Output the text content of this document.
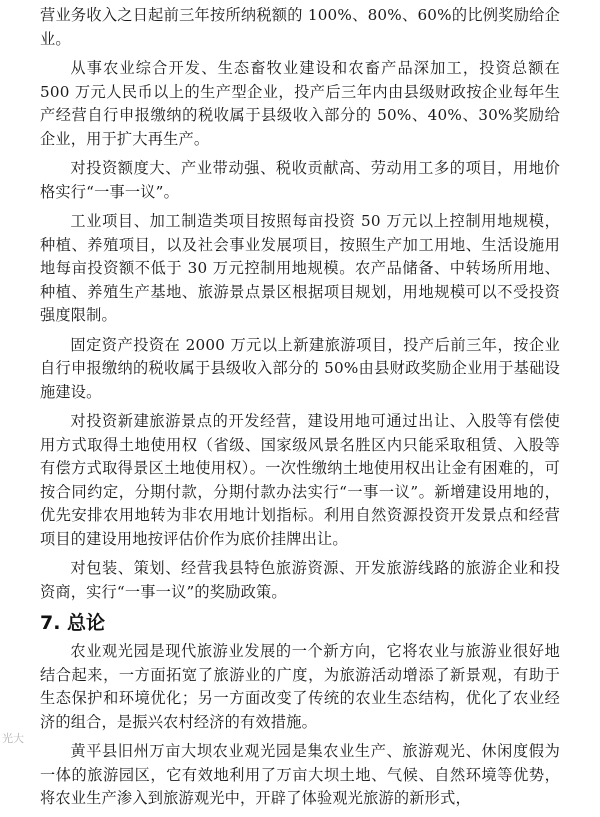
营业务收入之日起前三年按所纳税额的 100%、80%、60%的比例奖励给企业。

从事农业综合开发、生态畜牧业建设和农畜产品深加工，投资总额在 500 万元人民币以上的生产型企业，投产后三年内由县级财政按企业每年生产经营自行申报缴纳的税收属于县级收入部分的 50%、40%、30%奖励给企业，用于扩大再生产。

对投资额度大、产业带动强、税收贡献高、劳动用工多的项目，用地价格实行“一事一议”。

工业项目、加工制造类项目按照每亩投资 50 万元以上控制用地规模，种植、养殖项目，以及社会事业发展项目，按照生产加工用地、生活设施用地每亩投资额不低于 30 万元控制用地规模。农产品储备、中转场所用地、种植、养殖生产基地、旅游景点景区根据项目规划，用地规模可以不受投资强度限制。

固定资产投资在 2000 万元以上新建旅游项目，投产后前三年，按企业自行申报缴纳的税收属于县级收入部分的 50%由县财政奖励企业用于基础设施建设。

对投资新建旅游景点的开发经营，建设用地可通过出让、入股等有偿使用方式取得土地使用权（省级、国家级风景名胜区内只能采取租赁、入股等有偿方式取得景区土地使用权）。一次性缴纳土地使用权出让金有困难的，可按合同约定，分期付款，分期付款办法实行“一事一议”。新增建设用地的，优先安排农用地转为非农用地计划指标。利用自然资源投资开发景点和经营项目的建设用地按评估价作为底价挂牌出让。

对包装、策划、经营我县特色旅游资源、开发旅游线路的旅游企业和投资商，实行“一事一议”的奖励政策。

7. 总论

农业观光园是现代旅游业发展的一个新方向，它将农业与旅游业很好地结合起来，一方面拓宽了旅游业的广度，为旅游活动增添了新景观，有助于生态保护和环境优化；另一方面改变了传统的农业生态结构，优化了农业经济的组合，是振兴农村经济的有效措施。

黄平县旧州万亩大坝农业观光园是集农业生产、旅游观光、休闲度假为一体的旅游园区，它有效地利用了万亩大坝土地、气候、自然环境等优势，将农业生产渗入到旅游观光中，开辟了体验观光旅游的新形式，

光大
